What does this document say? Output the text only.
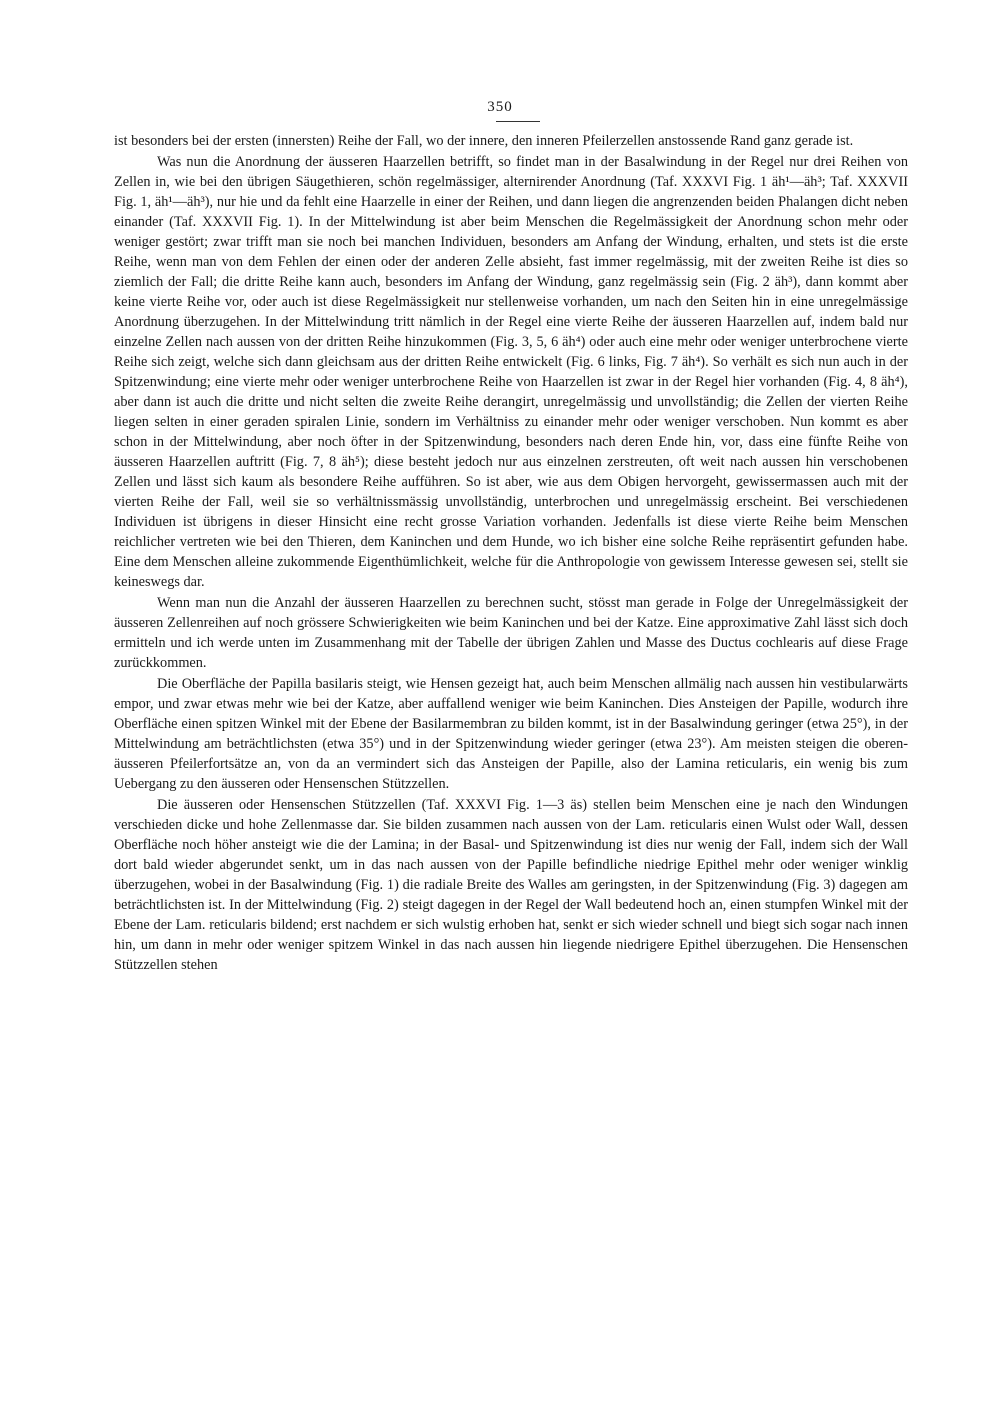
350

ist besonders bei der ersten (innersten) Reihe der Fall, wo der innere, den inneren Pfeilerzellen anstossende Rand ganz gerade ist.

Was nun die Anordnung der äusseren Haarzellen betrifft, so findet man in der Basalwindung in der Regel nur drei Reihen von Zellen in, wie bei den übrigen Säugethieren, schön regelmässiger, alternirender Anordnung (Taf. XXXVI Fig. 1 äh¹—äh³; Taf. XXXVII Fig. 1, äh¹—äh³), nur hie und da fehlt eine Haarzelle in einer der Reihen, und dann liegen die angrenzenden beiden Phalangen dicht neben einander (Taf. XXXVII Fig. 1). In der Mittelwindung ist aber beim Menschen die Regelmässigkeit der Anordnung schon mehr oder weniger gestört; zwar trifft man sie noch bei manchen Individuen, besonders am Anfang der Windung, erhalten, und stets ist die erste Reihe, wenn man von dem Fehlen der einen oder der anderen Zelle absieht, fast immer regelmässig, mit der zweiten Reihe ist dies so ziemlich der Fall; die dritte Reihe kann auch, besonders im Anfang der Windung, ganz regelmässig sein (Fig. 2 äh³), dann kommt aber keine vierte Reihe vor, oder auch ist diese Regelmässigkeit nur stellenweise vorhanden, um nach den Seiten hin in eine unregelmässige Anordnung überzugehen. In der Mittelwindung tritt nämlich in der Regel eine vierte Reihe der äusseren Haarzellen auf, indem bald nur einzelne Zellen nach aussen von der dritten Reihe hinzukommen (Fig. 3, 5, 6 äh⁴) oder auch eine mehr oder weniger unterbrochene vierte Reihe sich zeigt, welche sich dann gleichsam aus der dritten Reihe entwickelt (Fig. 6 links, Fig. 7 äh⁴). So verhält es sich nun auch in der Spitzenwindung; eine vierte mehr oder weniger unterbrochene Reihe von Haarzellen ist zwar in der Regel hier vorhanden (Fig. 4, 8 äh⁴), aber dann ist auch die dritte und nicht selten die zweite Reihe derangirt, unregelmässig und unvollständig; die Zellen der vierten Reihe liegen selten in einer geraden spiralen Linie, sondern im Verhältniss zu einander mehr oder weniger verschoben. Nun kommt es aber schon in der Mittelwindung, aber noch öfter in der Spitzenwindung, besonders nach deren Ende hin, vor, dass eine fünfte Reihe von äusseren Haarzellen auftritt (Fig. 7, 8 äh⁵); diese besteht jedoch nur aus einzelnen zerstreuten, oft weit nach aussen hin verschobenen Zellen und lässt sich kaum als besondere Reihe aufführen. So ist aber, wie aus dem Obigen hervorgeht, gewissermassen auch mit der vierten Reihe der Fall, weil sie so verhältnissmässig unvollständig, unterbrochen und unregelmässig erscheint. Bei verschiedenen Individuen ist übrigens in dieser Hinsicht eine recht grosse Variation vorhanden. Jedenfalls ist diese vierte Reihe beim Menschen reichlicher vertreten wie bei den Thieren, dem Kaninchen und dem Hunde, wo ich bisher eine solche Reihe repräsentirt gefunden habe. Eine dem Menschen alleine zukommende Eigenthümlichkeit, welche für die Anthropologie von gewissem Interesse gewesen sei, stellt sie keineswegs dar.

Wenn man nun die Anzahl der äusseren Haarzellen zu berechnen sucht, stösst man gerade in Folge der Unregelmässigkeit der äusseren Zellenreihen auf noch grössere Schwierigkeiten wie beim Kaninchen und bei der Katze. Eine approximative Zahl lässt sich doch ermitteln und ich werde unten im Zusammenhang mit der Tabelle der übrigen Zahlen und Masse des Ductus cochlearis auf diese Frage zurückkommen.

Die Oberfläche der Papilla basilaris steigt, wie Hensen gezeigt hat, auch beim Menschen allmälig nach aussen hin vestibularwärts empor, und zwar etwas mehr wie bei der Katze, aber auffallend weniger wie beim Kaninchen. Dies Ansteigen der Papille, wodurch ihre Oberfläche einen spitzen Winkel mit der Ebene der Basilarmembran zu bilden kommt, ist in der Basalwindung geringer (etwa 25°), in der Mittelwindung am beträchtlichsten (etwa 35°) und in der Spitzenwindung wieder geringer (etwa 23°). Am meisten steigen die oberen-äusseren Pfeilerfortsätze an, von da an vermindert sich das Ansteigen der Papille, also der Lamina reticularis, ein wenig bis zum Uebergang zu den äusseren oder Hensenschen Stützzellen.

Die äusseren oder Hensenschen Stützzellen (Taf. XXXVI Fig. 1—3 äs) stellen beim Menschen eine je nach den Windungen verschieden dicke und hohe Zellenmasse dar. Sie bilden zusammen nach aussen von der Lam. reticularis einen Wulst oder Wall, dessen Oberfläche noch höher ansteigt wie die der Lamina; in der Basal- und Spitzenwindung ist dies nur wenig der Fall, indem sich der Wall dort bald wieder abgerundet senkt, um in das nach aussen von der Papille befindliche niedrige Epithel mehr oder weniger winklig überzugehen, wobei in der Basalwindung (Fig. 1) die radiale Breite des Walles am geringsten, in der Spitzenwindung (Fig. 3) dagegen am beträchtlichsten ist. In der Mittelwindung (Fig. 2) steigt dagegen in der Regel der Wall bedeutend hoch an, einen stumpfen Winkel mit der Ebene der Lam. reticularis bildend; erst nachdem er sich wulstig erhoben hat, senkt er sich wieder schnell und biegt sich sogar nach innen hin, um dann in mehr oder weniger spitzem Winkel in das nach aussen hin liegende niedrigere Epithel überzugehen. Die Hensenschen Stützzellen stehen
